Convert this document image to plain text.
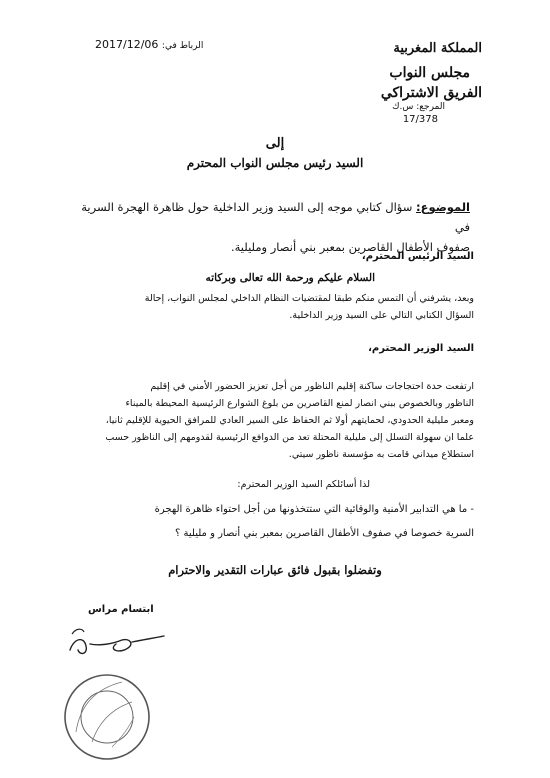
المملكة المغربية
مجلس النواب
الفريق الاشتراكي
المرجع: س.ك
17/378
الرباط في: 2017/12/06
إلى
السيد رئيس مجلس النواب المحترم
الموضوع: سؤال كتابي موجه إلى السيد وزير الداخلية حول ظاهرة الهجرة السرية في
صفوف الأطفال القاصرين بمعبر بني أنصار ومليلية.
السيد الرئيس المحترم،
السلام عليكم ورحمة الله تعالى وبركاته
وبعد، يشرفني أن التمس منكم طبقا لمقتضيات النظام الداخلي لمجلس النواب، إحالة
السؤال الكتابي التالي على السيد وزير الداخلية.
السيد الوزير المحترم،
ارتفعت حدة احتجاجات ساكنة إقليم الناظور من أجل تعزيز الحضور الأمني في إقليم
الناظور وبالخصوص ببني انصار لمنع القاصرين من بلوغ الشوارع الرئيسية المحيطة بالميناء
ومعبر مليلية الحدودي، لحمايتهم أولا ثم الحفاظ على السير العادي للمرافق الحيوية للإقليم ثانيا،
علما ان سهولة التسلل إلى مليلية المحتلة تعد من الدوافع الرئيسية لقدومهم إلى الناظور حسب
استطلاع ميداني قامت به مؤسسة ناظور سيتي.
لذا أسائلكم السيد الوزير المحترم:
- ما هي التدابير الأمنية والوقائية التي ستتخذونها من أجل احتواء ظاهرة الهجرة
السرية خصوصا في صفوف الأطفال القاصرين بمعبر بني أنصار و مليلية ؟
وتفضلوا بقبول فائق عبارات التقدير والاحترام
ابتسام مراس
